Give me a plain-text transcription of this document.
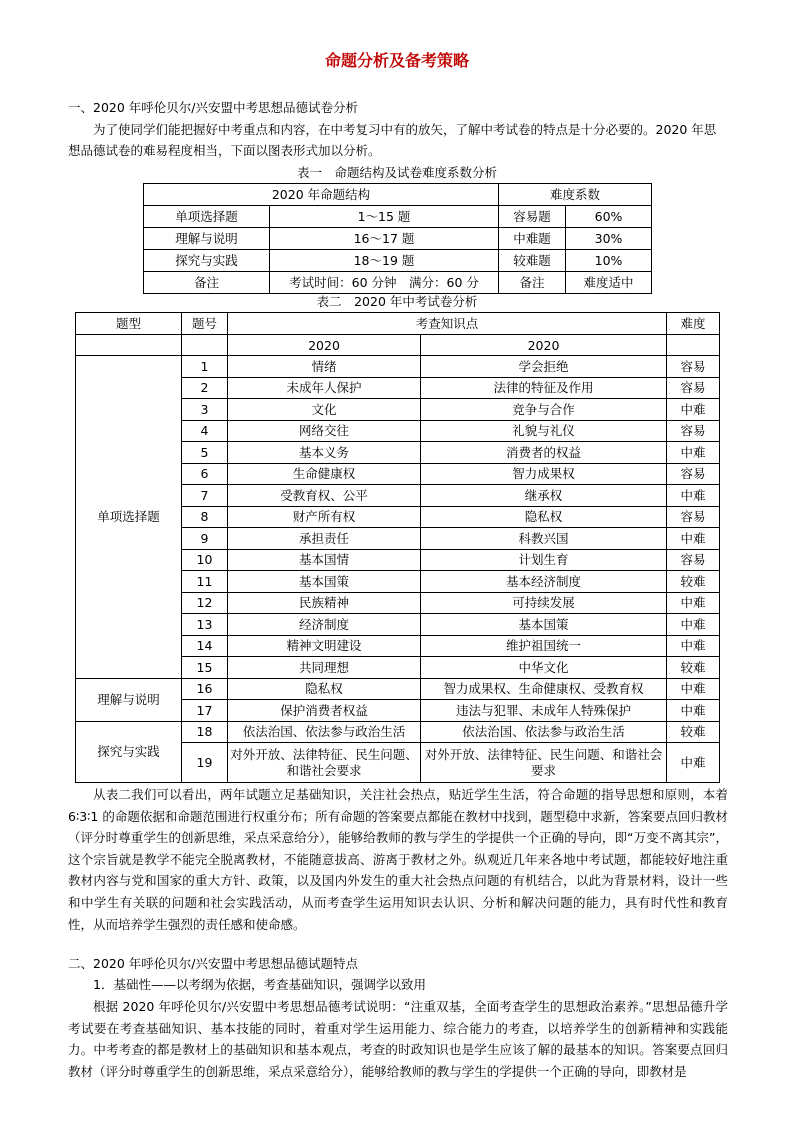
命题分析及备考策略
一、2020 年呼伦贝尔/兴安盟中考思想品德试卷分析
为了使同学们能把握好中考重点和内容，在中考复习中有的放矢，了解中考试卷的特点是十分必要的。2020 年思
想品德试卷的难易程度相当，下面以图表形式加以分析。
表一　命题结构及试卷难度系数分析
2020 年命题结构		难度系数	
单项选择题	1～15 题	容易题	60%
理解与说明	16～17 题	中难题	30%
探究与实践	18～19 题	较难题	10%
备注	考试时间：60 分钟　满分：60 分	备注	难度适中
表二　2020 年中考试卷分析
题型	题号	考查知识点		难度
		2020	2020	
单项选择题	1	情绪	学会拒绝	容易
	2	未成年人保护	法律的特征及作用	容易
	3	文化	竞争与合作	中难
	4	网络交往	礼貌与礼仪	容易
	5	基本义务	消费者的权益	中难
	6	生命健康权	智力成果权	容易
	7	受教育权、公平	继承权	中难
	8	财产所有权	隐私权	容易
	9	承担责任	科教兴国	中难
	10	基本国情	计划生育	容易
	11	基本国策	基本经济制度	较难
	12	民族精神	可持续发展	中难
	13	经济制度	基本国策	中难
	14	精神文明建设	维护祖国统一	中难
	15	共同理想	中华文化	较难
理解与说明	16	隐私权	智力成果权、生命健康权、受教育权	中难
	17	保护消费者权益	违法与犯罪、未成年人特殊保护	中难
探究与实践	18	依法治国、依法参与政治生活	依法治国、依法参与政治生活	较难
	19	对外开放、法律特征、民生问题、和谐社会要求	对外开放、法律特征、民生问题、和谐社会要求	中难
从表二我们可以看出，两年试题立足基础知识，关注社会热点，贴近学生生活，符合命题的指导思想和原则，本着 6∶3∶1 的命题依据和命题范围进行权重分布；所有命题的答案要点都能在教材中找到，题型稳中求新，答案要点回归教材（评分时尊重学生的创新思维，采点采意给分），能够给教师的教与学生的学提供一个正确的导向，即“万变不离其宗”，这个宗旨就是教学不能完全脱离教材，不能随意拔高、游离于教材之外。纵观近几年来各地中考试题，都能较好地注重教材内容与党和国家的重大方针、政策，以及国内外发生的重大社会热点问题的有机结合，以此为背景材料，设计一些和中学生有关联的问题和社会实践活动，从而考查学生运用知识去认识、分析和解决问题的能力，具有时代性和教育性，从而培养学生强烈的责任感和使命感。
二、2020 年呼伦贝尔/兴安盟中考思想品德试题特点
1．基础性——以考纲为依据，考查基础知识，强调学以致用
根据 2020 年呼伦贝尔/兴安盟中考思想品德考试说明：“注重双基，全面考查学生的思想政治素养。”思想品德升学考试要在考查基础知识、基本技能的同时，着重对学生运用能力、综合能力的考查，以培养学生的创新精神和实践能力。中考考查的都是教材上的基础知识和基本观点，考查的时政知识也是学生应该了解的最基本的知识。答案要点回归教材（评分时尊重学生的创新思维，采点采意给分），能够给教师的教与学生的学提供一个正确的导向，即教材是
